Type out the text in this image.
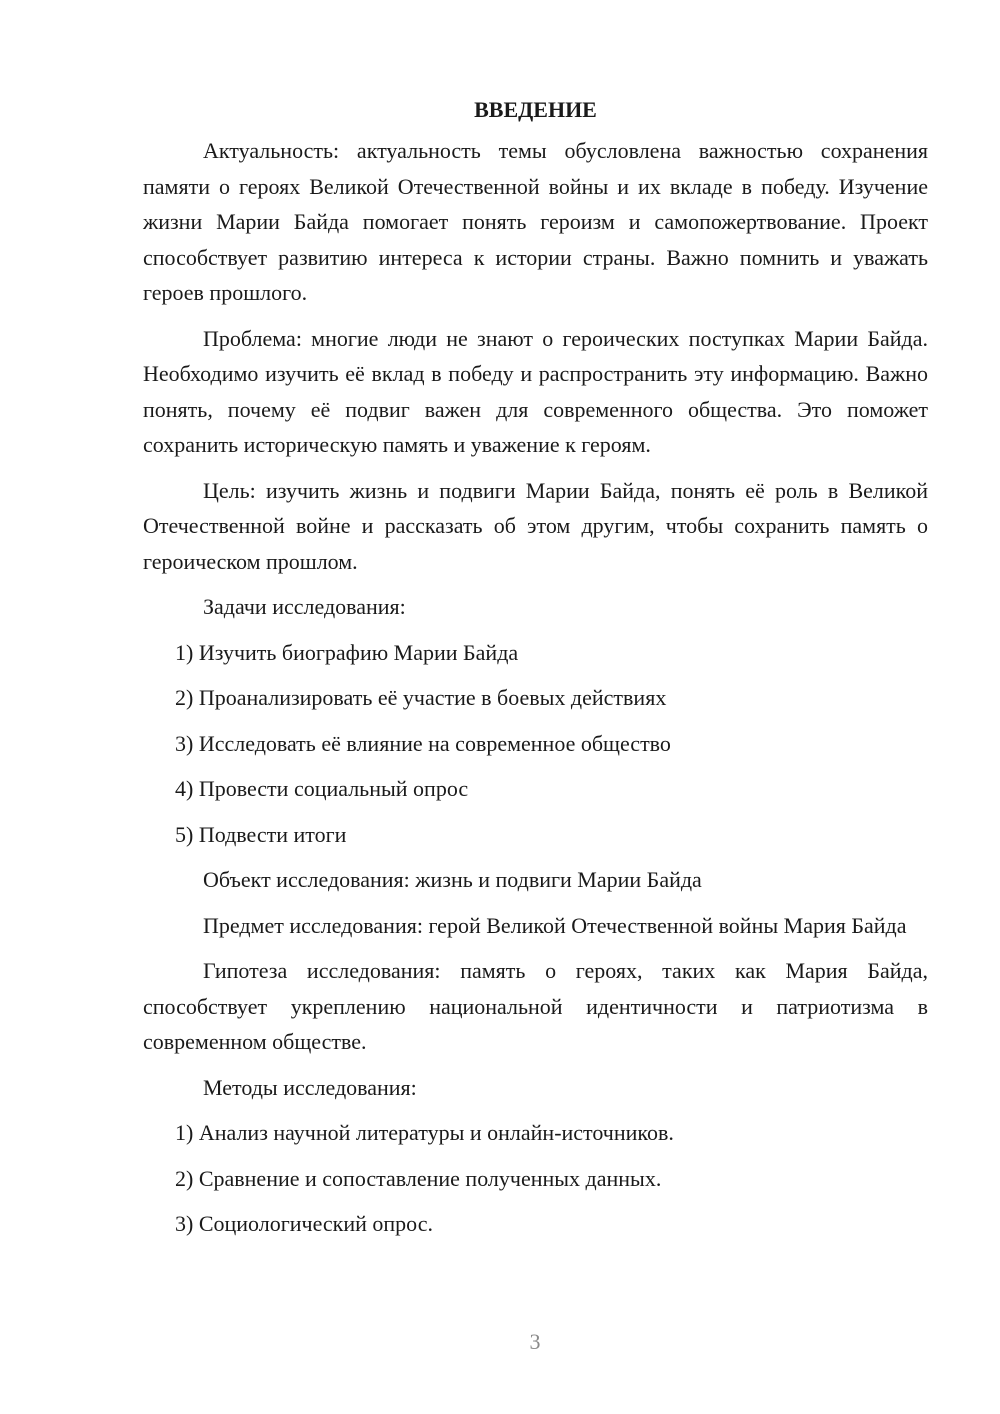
ВВЕДЕНИЕ

Актуальность: актуальность темы обусловлена важностью сохранения памяти о героях Великой Отечественной войны и их вкладе в победу. Изучение жизни Марии Байда помогает понять героизм и самопожертвование. Проект способствует развитию интереса к истории страны. Важно помнить и уважать героев прошлого.

Проблема: многие люди не знают о героических поступках Марии Байда. Необходимо изучить её вклад в победу и распространить эту информацию. Важно понять, почему её подвиг важен для современного общества. Это поможет сохранить историческую память и уважение к героям.

Цель: изучить жизнь и подвиги Марии Байда, понять её роль в Великой Отечественной войне и рассказать об этом другим, чтобы сохранить память о героическом прошлом.

Задачи исследования:

1) Изучить биографию Марии Байда
2) Проанализировать её участие в боевых действиях
3) Исследовать её влияние на современное общество
4) Провести социальный опрос
5) Подвести итоги

Объект исследования: жизнь и подвиги Марии Байда

Предмет исследования: герой Великой Отечественной войны Мария Байда

Гипотеза исследования: память о героях, таких как Мария Байда, способствует укреплению национальной идентичности и патриотизма в современном обществе.

Методы исследования:

1) Анализ научной литературы и онлайн-источников.
2) Сравнение и сопоставление полученных данных.
3) Социологический опрос.
3
